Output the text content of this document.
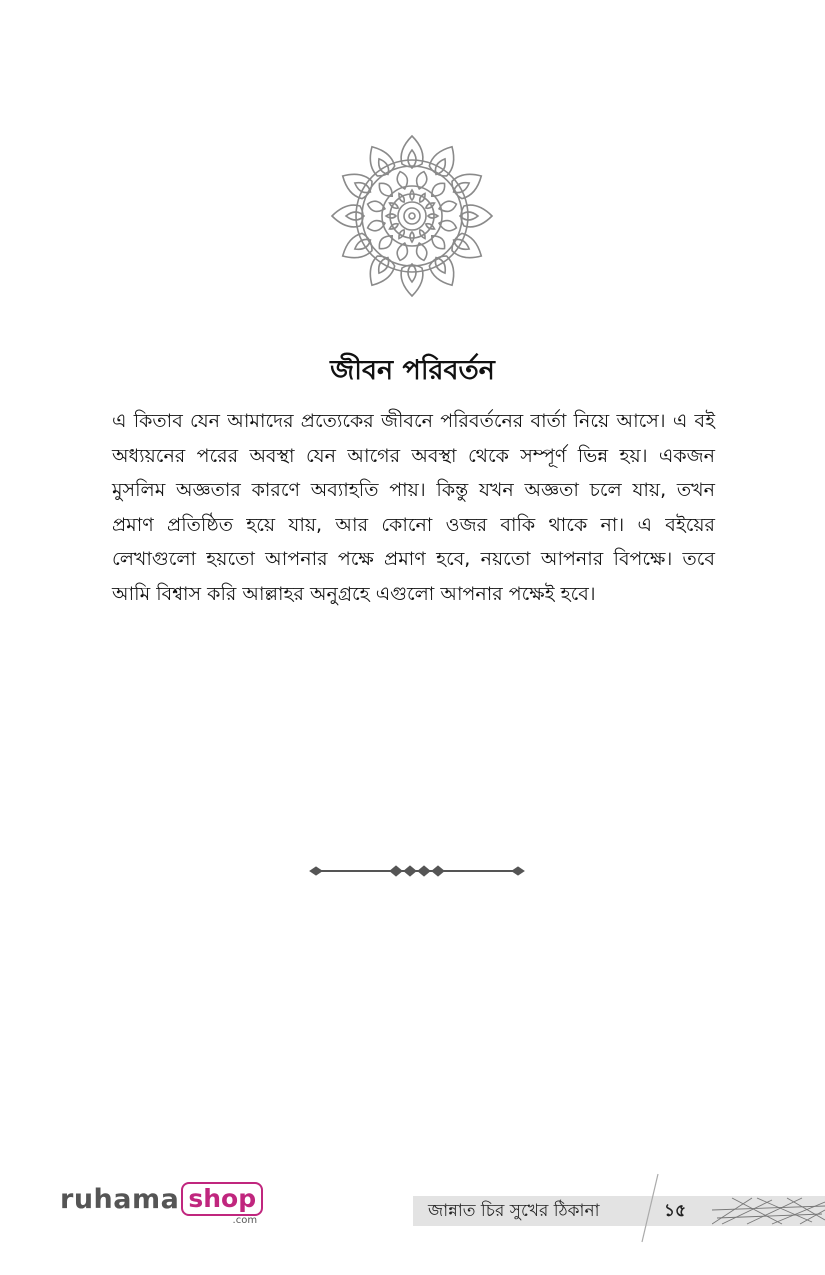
জীবন পরিবর্তন

এ কিতাব যেন আমাদের প্রত্যেকের জীবনে পরিবর্তনের বার্তা নিয়ে আসে। এ বই অধ্যয়নের পরের অবস্থা যেন আগের অবস্থা থেকে সম্পূর্ণ ভিন্ন হয়। একজন মুসলিম অজ্ঞতার কারণে অব্যাহতি পায়। কিন্তু যখন অজ্ঞতা চলে যায়, তখন প্রমাণ প্রতিষ্ঠিত হয়ে যায়, আর কোনো ওজর বাকি থাকে না। এ বইয়ের লেখাগুলো হয়তো আপনার পক্ষে প্রমাণ হবে, নয়তো আপনার বিপক্ষে। তবে আমি বিশ্বাস করি আল্লাহর অনুগ্রহে এগুলো আপনার পক্ষেই হবে।

ruhama shop
.com	জান্নাত চির সুখের ঠিকানা	১৫
